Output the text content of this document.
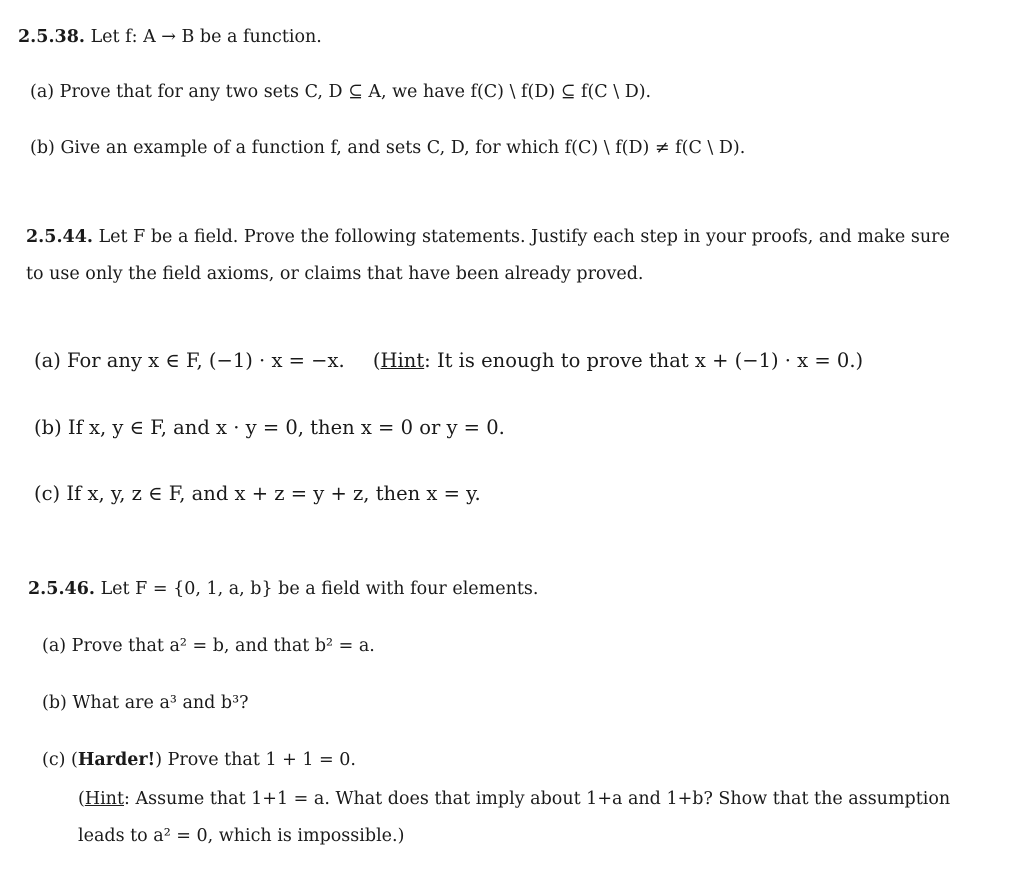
2.5.38. Let f: A → B be a function.
(a) Prove that for any two sets C, D ⊆ A, we have f(C) \ f(D) ⊆ f(C \ D).
(b) Give an example of a function f, and sets C, D, for which f(C) \ f(D) ≠ f(C \ D).
2.5.44. Let F be a field. Prove the following statements. Justify each step in your proofs, and make sure
to use only the field axioms, or claims that have been already proved.
(a) For any x ∈ F, (−1) · x = −x. (Hint: It is enough to prove that x + (−1) · x = 0.)
(b) If x, y ∈ F, and x · y = 0, then x = 0 or y = 0.
(c) If x, y, z ∈ F, and x + z = y + z, then x = y.
2.5.46. Let F = {0, 1, a, b} be a field with four elements.
(a) Prove that a² = b, and that b² = a.
(b) What are a³ and b³?
(c) (Harder!) Prove that 1 + 1 = 0.
(Hint: Assume that 1+1 = a. What does that imply about 1+a and 1+b? Show that the assumption
leads to a² = 0, which is impossible.)
